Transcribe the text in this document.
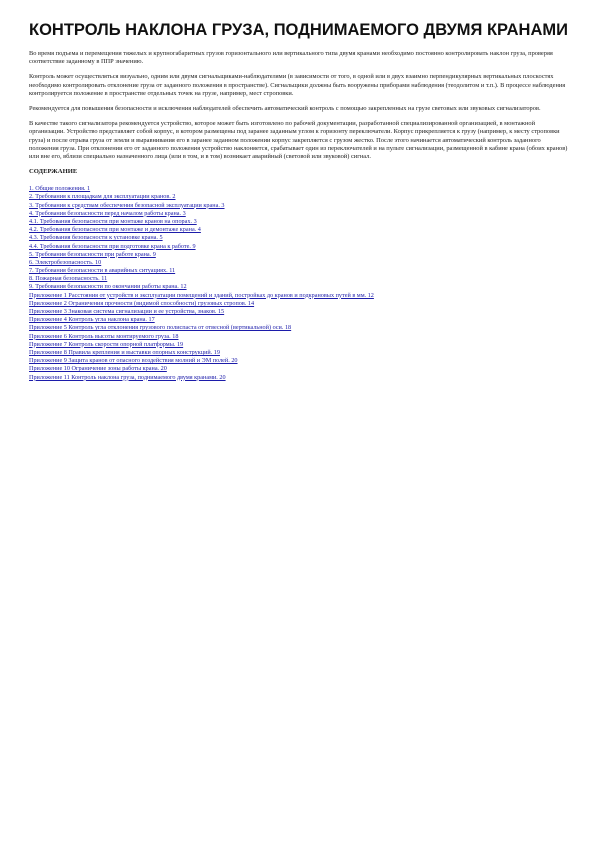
КОНТРОЛЬ НАКЛОНА ГРУЗА, ПОДНИМАЕМОГО ДВУМЯ КРАНАМИ

Во время подъема и перемещения тяжелых и крупногабаритных грузов горизонтального или вертикального типа двумя кранами необходимо постоянно контролировать наклон груза, проверяя соответствие заданному в ППР значению.

Контроль может осуществляться визуально, одним или двумя сигнальщиками-наблюдателями (в зависимости от того, в одной или в двух взаимно перпендикулярных вертикальных плоскостях необходимо контролировать отклонение груза от заданного положения в пространстве). Сигнальщики должны быть вооружены приборами наблюдения (теодолитом и т.п.). В процессе наблюдения контролируется положение в пространстве отдельных точек на грузе, например, мест строповки.

Рекомендуется для повышения безопасности и исключения наблюдателей обеспечить автоматический контроль с помощью закрепленных на грузе световых или звуковых сигнализаторов.

В качестве такого сигнализатора рекомендуется устройство, которое может быть изготовлено по рабочей документации, разработанной специализированной организацией, в монтажной организации. Устройство представляет собой корпус, в котором размещены под заранее заданным углом к горизонту переключатели. Корпус прикрепляется к грузу (например, к месту строповки груза) и после отрыва груза от земли и выравнивания его в заранее заданном положении корпус закрепляется с грузом жестко. После этого начинается автоматический контроль заданного положения груза. При отклонении его от заданного положения устройство наклоняется, срабатывает один из переключателей и на пульте сигнализации, размещенной в кабине крана (обоих кранов) или вне его, вблизи специально назначенного лица (или в том, и в том) возникает аварийный (световой или звуковой) сигнал.

СОДЕРЖАНИЕ
1. Общие положения. 1
2. Требования к площадкам для эксплуатации кранов. 2
3. Требования к средствам обеспечения безопасной эксплуатации крана. 3
4. Требования безопасности перед началом работы крана. 3
4.1. Требования безопасности при монтаже кранов на опорах. 3
4.2. Требования безопасности при монтаже и демонтаже крана. 4
4.3. Требования безопасности к установке крана. 5
4.4. Требования безопасности при подготовке крана к работе. 9
5. Требования безопасности при работе крана. 9
6. Электробезопасность. 10
7. Требования безопасности в аварийных ситуациях. 11
8. Пожарная безопасность. 11
9. Требования безопасности по окончании работы крана. 12
Приложение 1 Расстояния от устройств и эксплуатации помещений и зданий, постройках до кранов и подкрановых путей в мм. 12
Приложение 2 Ограничения прочности (видимой способности) грузовых стропов. 14
Приложение 3 Знаковая система сигнализации и ее устройства, знаков. 15
Приложение 4 Контроль угла наклона крана. 17
Приложение 5 Контроль угла отклонения грузового полиспаста от отвесной (вертикальной) оси. 18
Приложение 6 Контроль высоты монтируемого груза. 18
Приложение 7 Контроль скорости опорной платформы. 19
Приложение 8 Правила крепления и выставки опорных конструкций. 19
Приложение 9 Защита кранов от опасного воздействия молний и ЭМ полей. 20
Приложение 10 Ограничение зоны работы крана. 20
Приложение 11 Контроль наклона груза, поднимаемого двумя кранами. 20
